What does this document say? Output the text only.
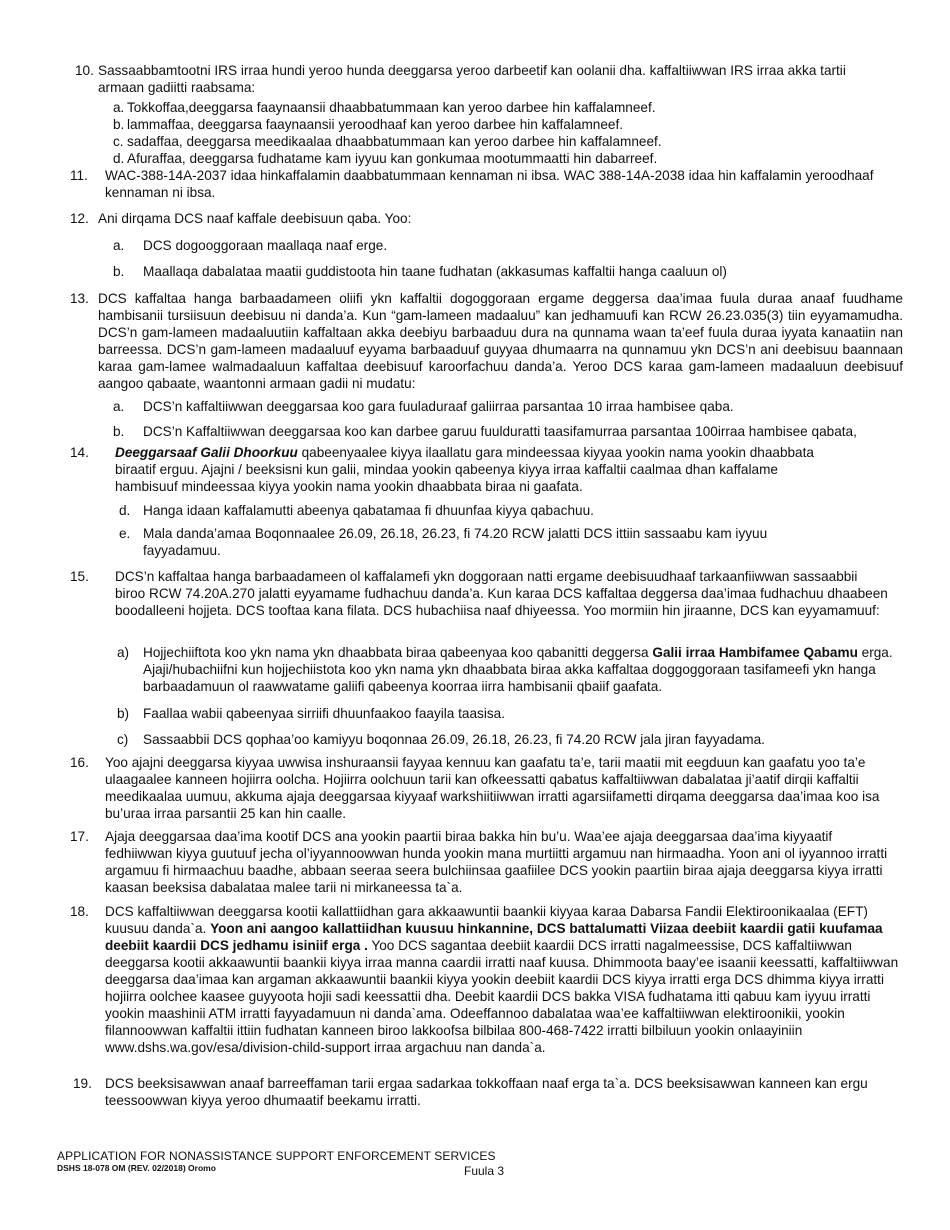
10. Sassaabbamtootni IRS irraa hundi yeroo hunda deeggarsa yeroo darbeetif kan oolanii dha. kaffaltiiwwan IRS irraa akka tartii armaan gadiitti raabsama:
a. Tokkoffaa,deeggarsa faaynaansii dhaabbatummaan kan yeroo darbee hin kaffalamneef.
b. lammaffaa, deeggarsa faaynaansii yeroodhaaf kan yeroo darbee hin kaffalamneef.
c. sadaffaa, deeggarsa meedikaalaa dhaabbatummaan kan yeroo darbee hin kaffalamneef.
d. Afuraffaa, deeggarsa fudhatame kam iyyuu kan gonkumaa mootummaatti hin dabarreef.
11. WAC-388-14A-2037 idaa hinkaffalamin daabbatummaan kennaman ni ibsa. WAC 388-14A-2038 idaa hin kaffalamin yeroodhaaf kennaman ni ibsa.
12. Ani dirqama DCS naaf kaffale deebisuun qaba. Yoo:
a. DCS dogooggoraan maallaqa naaf erge.
b. Maallaqa dabalataa maatii guddistoota hin taane fudhatan (akkasumas kaffaltii hanga caaluun ol)
13. DCS kaffaltaa hanga barbaadameen oliifi ykn kaffaltii dogoggoraan ergame deggersa daa’imaa fuula duraa anaaf fuudhame hambisanii tursiisuun deebisuu ni danda’a. Kun “gam-lameen madaaluu” kan jedhamuufi kan RCW 26.23.035(3) tiin eyyamamudha. DCS’n gam-lameen madaaluutiin kaffaltaan akka deebiyu barbaaduu dura na qunnama waan ta’eef fuula duraa iyyata kanaatiin nan barreessa. DCS’n gam-lameen madaaluuf eyyama barbaaduuf guyyaa dhumaarra na qunnamuu ykn DCS’n ani deebisuu baannaan karaa gam-lamee walmadaaluun kaffaltaa deebisuuf karoorfachuu danda’a. Yeroo DCS karaa gam-lameen madaaluun deebisuuf aangoo qabaate, waantonni armaan gadii ni mudatu:
a. DCS’n kaffaltiiwwan deeggarsaa koo gara fuuladuraaf galiirraa parsantaa 10 irraa hambisee qaba.
b. DCS’n Kaffaltiiwwan deeggarsaa koo kan darbee garuu fuulduratti taasifamurraa parsantaa 100irraa hambisee qabata,
14. Deeggarsaaf Galii Dhoorkuu qabeenyaalee kiyya ilaallatu gara mindeessaa kiyyaa yookin nama yookin dhaabbata biraatif erguu. Ajajni / beeksisni kun galii, mindaa yookin qabeenya kiyya irraa kaffaltii caalmaa dhan kaffalame hambisuuf mindeessaa kiyya yookin nama yookin dhaabbata biraa ni gaafata.
d. Hanga idaan kaffalamutti abeenya qabatamaa fi dhuunfaa kiyya qabachuu.
e. Mala danda’amaa Boqonnaalee 26.09, 26.18, 26.23, fi 74.20 RCW jalatti DCS ittiin sassaabu kam iyyuu fayyadamuu.
15. DCS’n kaffaltaa hanga barbaadameen ol kaffalamefi ykn doggoraan natti ergame deebisuudhaaf tarkaanfiiwwan sassaabbii biroo RCW 74.20A.270 jalatti eyyamame fudhachuu danda’a. Kun karaa DCS kaffaltaa deggersa daa’imaa fudhachuu dhaabeen boodalleeni hojjeta. DCS tooftaa kana filata. DCS hubachiisa naaf dhiyeessa. Yoo mormiin hin jiraanne, DCS kan eyyamamuuf:
a) Hojjechiiftota koo ykn nama ykn dhaabbata biraa qabeenyaa koo qabanitti deggersa Galii irraa Hambifamee Qabamu erga. Ajaji/hubachiifni kun hojjechiistota koo ykn nama ykn dhaabbata biraa akka kaffaltaa doggoggoraan tasifameefi ykn hanga barbaadamuun ol raawwatame galiifi qabeenya koorraa iirra hambisanii qbaiif gaafata.
b) Faallaa wabii qabeenyaa sirriifi dhuunfaakoo faayila taasisa.
c) Sassaabbii DCS qophaa’oo kamiyyu boqonnaa 26.09, 26.18, 26.23, fi 74.20 RCW jala jiran fayyadama.
16. Yoo ajajni deeggarsa kiyyaa uwwisa inshuraansii fayyaa kennuu kan gaafatu ta’e, tarii maatii mit eegduun kan gaafatu yoo ta’e ulaagaalee kanneen hojiirra oolcha. Hojiirra oolchuun tarii kan ofkeessatti qabatus kaffaltiiwwan dabalataa ji’aatif dirqii kaffaltii meedikaalaa uumuu, akkuma ajaja deeggarsaa kiyyaaf warkshiitiiwwan irratti agarsiifametti dirqama deeggarsa daa’imaa koo isa bu’uraa irraa parsantii 25 kan hin caalle.
17. Ajaja deeggarsaa daa’ima kootif DCS ana yookin paartii biraa bakka hin bu’u. Waa’ee ajaja deeggarsaa daa’ima kiyyaatif fedhiiwwan kiyya guutuuf jecha ol’iyyannoowwan hunda yookin mana murtiitti argamuu nan hirmaadha. Yoon ani ol iyyannoo irratti argamuu fi hirmaachuu baadhe, abbaan seeraa seera bulchiinsaa gaafiilee DCS yookin paartiin biraa ajaja deeggarsa kiyya irratti kaasan beeksisa dabalataa malee tarii ni mirkaneessa ta`a.
18. DCS kaffaltiiwwan deeggarsa kootii kallattiidhan gara akkaawuntii baankii kiyyaa karaa Dabarsa Fandii Elektiroonikaalaa (EFT) kuusuu danda`a. Yoon ani aangoo kallattiidhan kuusuu hinkannine, DCS battalumatti Viizaa deebiit kaardii gatii kuufamaa deebiit kaardii DCS jedhamu isiniif erga . Yoo DCS sagantaa deebiit kaardii DCS irratti nagalmeessise, DCS kaffaltiiwwan deeggarsa kootii akkaawuntii baankii kiyya irraa manna caardii irratti naaf kuusa. Dhimmoota baay’ee isaanii keessatti, kaffaltiiwwan deeggarsa daa’imaa kan argaman akkaawuntii baankii kiyya yookin deebiit kaardii DCS kiyya irratti erga DCS dhimma kiyya irratti hojiirra oolchee kaasee guyyoota hojii sadi keessattii dha. Deebit kaardii DCS bakka VISA fudhatama itti qabuu kam iyyuu irratti yookin maashinii ATM irratti fayyadamuun ni danda`ama. Odeeffannoo dabalataa waa’ee kaffaltiiwwan elektiroonikii, yookin filannoowwan kaffaltii ittiin fudhatan kanneen biroo lakkoofsa bilbilaa 800-468-7422 irratti bilbiluun yookin onlaayiniin www.dshs.wa.gov/esa/division-child-support irraa argachuu nan danda`a.
19. DCS beeksisawwan anaaf barreeffaman tarii ergaa sadarkaa tokkoffaan naaf erga ta`a. DCS beeksisawwan kanneen kan ergu teessoowwan kiyya yeroo dhumaatif beekamu irratti.
APPLICATION FOR NONASSISTANCE SUPPORT ENFORCEMENT SERVICES
DSHS 18-078 OM (REV. 02/2018) Oromo	Fuula 3
